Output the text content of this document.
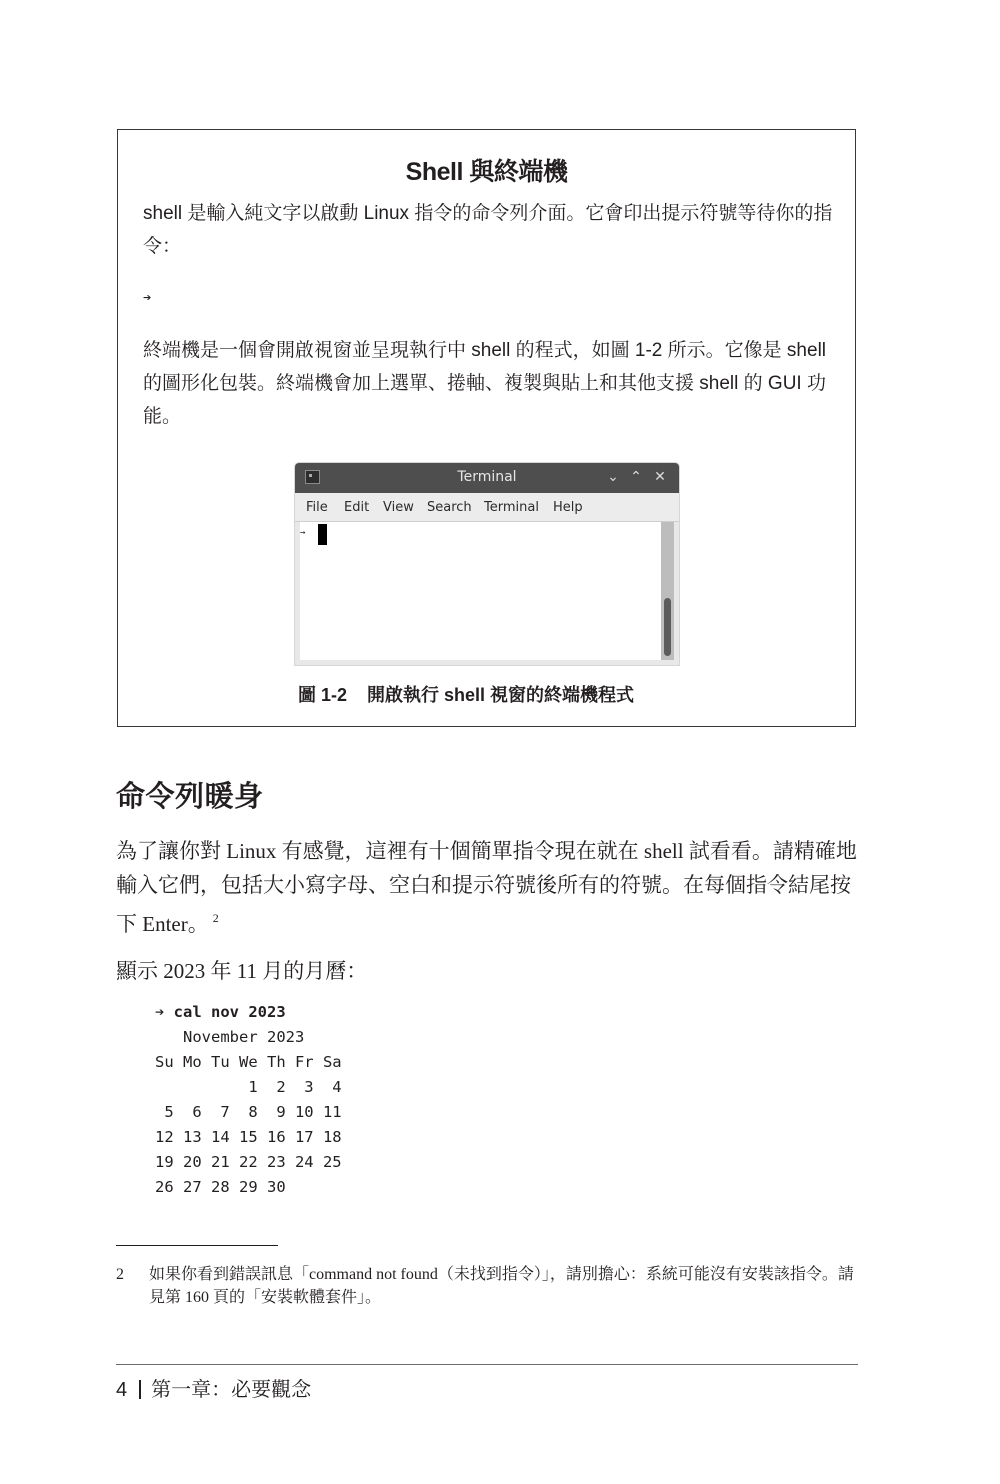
Shell 與終端機
shell 是輸入純文字以啟動 Linux 指令的命令列介面。它會印出提示符號等待你的指令：
➔
終端機是一個會開啟視窗並呈現執行中 shell 的程式，如圖 1-2 所示。它像是 shell 的圖形化包裝。終端機會加上選單、捲軸、複製與貼上和其他支援 shell 的 GUI 功能。
Terminal	⌄ ⌃ ✕
File Edit View Search Terminal Help
→
圖 1-2    開啟執行 shell 視窗的終端機程式
命令列暖身
為了讓你對 Linux 有感覺，這裡有十個簡單指令現在就在 shell 試看看。請精確地輸入它們，包括大小寫字母、空白和提示符號後所有的符號。在每個指令結尾按下 Enter。 $^2$
顯示 2023 年 11 月的月曆：
➔ cal nov 2023
November 2023
Su Mo Tu We Th Fr Sa
1  2  3  4
5  6  7  8  9 10 11
12 13 14 15 16 17 18
19 20 21 22 23 24 25
26 27 28 29 30
2 如果你看到錯誤訊息「command not found（未找到指令）」，請別擔心：系統可能沒有安裝該指令。請見第 160 頁的「安裝軟體套件」。
4 第一章：必要觀念
